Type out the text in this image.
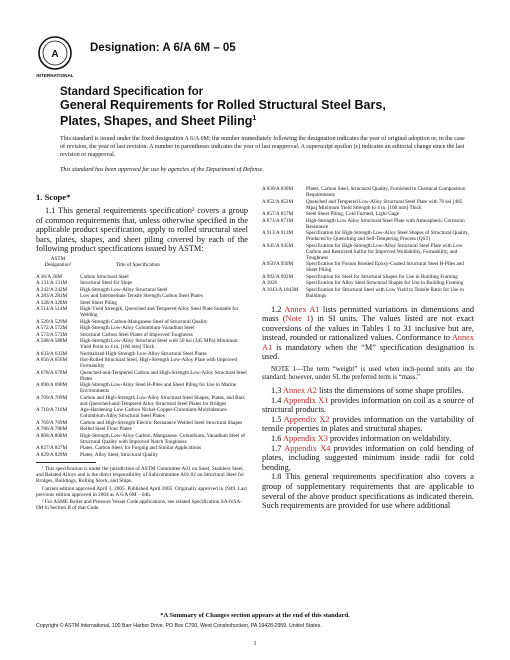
A
INTERNATIONAL
Designation: A 6/A 6M – 05
Standard Specification for
General Requirements for Rolled Structural Steel Bars,
Plates, Shapes, and Sheet Piling$^1$
This standard is issued under the fixed designation A 6/A 6M; the number immediately following the designation indicates the year of original adoption or, in the case of revision, the year of last revision. A number in parentheses indicates the year of last reapproval. A superscript epsilon (ε) indicates an editorial change since the last revision or reapproval.
This standard has been approved for use by agencies of the Department of Defense.
1. Scope*
1.1 This general requirements specification² covers a group of common requirements that, unless otherwise specified in the applicable product specification, apply to rolled structural steel bars, plates, shapes, and sheet piling covered by each of the following product specifications issued by ASTM:
ASTM Designation³	Title of Specification
A 36/A 36M	Carbon Structural Steel
A 131/A 131M	Structural Steel for Ships
A 242/A 242M	High-Strength Low-Alloy Structural Steel
A 283/A 283M	Low and Intermediate Tensile Strength Carbon Steel Plates
A 328/A 328M	Steel Sheet Piling
A 514/A 514M	High-Yield Strength, Quenched and Tempered Alloy Steel Plate Suitable for Welding
A 529/A 529M	High-Strength Carbon-Manganese Steel of Structural Quality
A 572/A 572M	High-Strength Low-Alloy Columbium-Vanadium Steel
A 573/A 573M	Structural Carbon Steel Plates of Improved Toughness
A 588/A 588M	High-Strength Low-Alloy Structural Steel with 50 ksi (345 MPa) Minimum Yield Point to 4 in. [100 mm] Thick
A 633/A 633M	Normalized High-Strength Low-Alloy Structural Steel Plates
A 656/A 656M	Hot-Rolled Structural Steel, High-Strength Low-Alloy Plate with Improved Formability
A 678/A 678M	Quenched-and-Tempered Carbon and High-Strength Low-Alloy Structural Steel Plates
A 690/A 690M	High-Strength Low-Alloy Steel H-Piles and Sheet Piling for Use in Marine Environments
A 709/A 709M	Carbon and High-Strength Low-Alloy Structural Steel Shapes, Plates, and Bars and Quenched-and-Tempered Alloy Structural Steel Plates for Bridges
A 710/A 710M	Age-Hardening Low-Carbon Nickel-Copper-Chromium-Molybdenum-Columbium Alloy Structural Steel Plates
A 769/A 769M	Carbon and High-Strength Electric Resistance Welded Steel Structural Shapes
A 786/A 786M	Rolled Steel Floor Plates
A 808/A 808M	High-Strength Low-Alloy Carbon, Manganese, Columbium, Vanadium Steel of Structural Quality with Improved Notch Toughness
A 827/A 827M	Plates, Carbon Steel, for Forging and Similar Applications
A 829/A 829M	Plates, Alloy Steel, Structural Quality
¹ This specification is under the jurisdiction of ASTM Committee A01 on Steel, Stainless Steel, and Related Alloys and is the direct responsibility of Subcommittee A01.02 on Structural Steel for Bridges, Buildings, Rolling Stock, and Ships.
Current edition approved April 1, 2005. Published April 2005. Originally approved in 1949. Last previous edition approved in 2004 as A 6/A 6M – 04b.
² For ASME Boiler and Pressure Vessel Code applications, see related Specification SA-6/SA-6M in Section II of that Code.
A 830/A 830M	Plates, Carbon Steel, Structural Quality, Furnished to Chemical Composition Requirements
A 852/A 852M	Quenched and Tempered Low-Alloy Structural Steel Plate with 70 ksi [485 Mpa] Minimum Yield Strength to 4 in. [100 mm] Thick
A 857/A 857M	Steel Sheet Piling, Cold Formed, Light Gage
A 871/A 871M	High-Strength Low Alloy Structural Steel Plate with Atmospheric Corrosion Resistance
A 913/A 913M	Specification for High-Strength Low-Alloy Steel Shapes of Structural Quality, Produced by Quenching and Self-Tempering Process (QST)
A 945/A 945M	Specification for High-Strength Low-Alloy Structural Steel Plate with Low Carbon and Restricted Sulfur for Improved Weldability, Formability, and Toughness
A 950/A 950M	Specification for Fusion Bonded Epoxy-Coated Structural Steel H-Piles and Sheet Piling
A 992/A 992M	Specification for Steel for Structural Shapes for Use in Building Framing
A 1026	Specification for Alloy Steel Structural Shapes for Use in Building Framing
A 1043/A 1043M	Specification for Structural Steel with Low Yield to Tensile Ratio for Use in Buildings
1.2 Annex A1 lists permitted variations in dimensions and mass (Note 1) in SI units. The values listed are not exact conversions of the values in Tables 1 to 31 inclusive but are, instead, rounded or rationalized values. Conformance to Annex A1 is mandatory when the “M” specification designation is used.
NOTE 1—The term “weight” is used when inch-pound units are the standard; however, under SI, the preferred term is “mass.”
1.3 Annex A2 lists the dimensions of some shape profiles.
1.4 Appendix X1 provides information on coil as a source of structural products.
1.5 Appendix X2 provides information on the variability of tensile properties in plates and structural shapes.
1.6 Appendix X3 provides information on weldability.
1.7 Appendix X4 provides information on cold bending of plates, including suggested minimum inside radii for cold bending.
1.8 This general requirements specification also covers a group of supplementary requirements that are applicable to several of the above product specifications as indicated therein. Such requirements are provided for use where additional
*A Summary of Changes section appears at the end of this standard.
Copyright © ASTM International, 100 Barr Harbor Drive, PO Box C700, West Conshohocken, PA 19428-2959, United States.
1
